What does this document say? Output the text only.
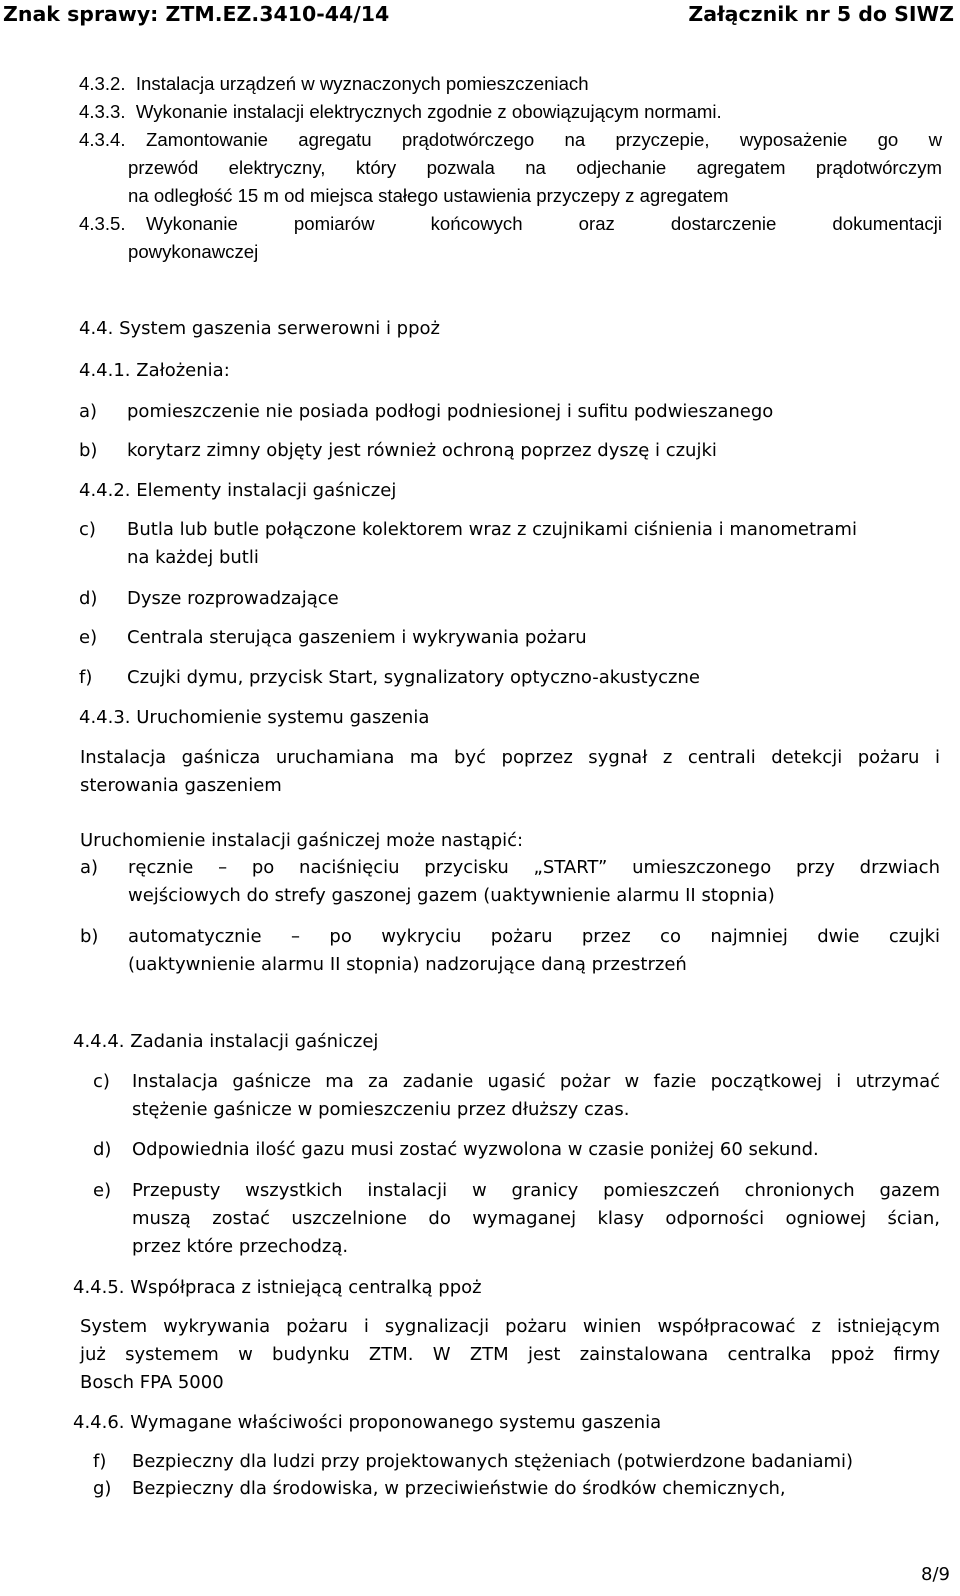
Znak sprawy: ZTM.EZ.3410-44/14	Załącznik nr 5 do SIWZ
4.3.2. Instalacja urządzeń w wyznaczonych pomieszczeniach
4.3.3. Wykonanie instalacji elektrycznych zgodnie z obowiązującym normami.
4.3.4. Zamontowanie agregatu prądotwórczego na przyczepie, wyposażenie go w
przewód elektryczny, który pozwala na odjechanie agregatem prądotwórczym
na odległość 15 m od miejsca stałego ustawienia przyczepy z agregatem
4.3.5. Wykonanie pomiarów końcowych oraz dostarczenie dokumentacji
powykonawczej
4.4. System gaszenia serwerowni i ppoż
4.4.1. Założenia:
a) pomieszczenie nie posiada podłogi podniesionej i sufitu podwieszanego
b) korytarz zimny objęty jest również ochroną poprzez dyszę i czujki
4.4.2. Elementy instalacji gaśniczej
c) Butla lub butle połączone kolektorem wraz z czujnikami ciśnienia i manometrami
na każdej butli
d) Dysze rozprowadzające
e) Centrala sterująca gaszeniem i wykrywania pożaru
f) Czujki dymu, przycisk Start, sygnalizatory optyczno-akustyczne
4.4.3. Uruchomienie systemu gaszenia
Instalacja gaśnicza uruchamiana ma być poprzez sygnał z centrali detekcji pożaru i
sterowania gaszeniem
Uruchomienie instalacji gaśniczej może nastąpić:
a) ręcznie – po naciśnięciu przycisku „START” umieszczonego przy drzwiach
wejściowych do strefy gaszonej gazem (uaktywnienie alarmu II stopnia)
b) automatycznie – po wykryciu pożaru przez co najmniej dwie czujki
(uaktywnienie alarmu II stopnia) nadzorujące daną przestrzeń
4.4.4. Zadania instalacji gaśniczej
c) Instalacja gaśnicze ma za zadanie ugasić pożar w fazie początkowej i utrzymać
stężenie gaśnicze w pomieszczeniu przez dłuższy czas.
d) Odpowiednia ilość gazu musi zostać wyzwolona w czasie poniżej 60 sekund.
e) Przepusty wszystkich instalacji w granicy pomieszczeń chronionych gazem
muszą zostać uszczelnione do wymaganej klasy odporności ogniowej ścian,
przez które przechodzą.
4.4.5. Współpraca z istniejącą centralką ppoż
System wykrywania pożaru i sygnalizacji pożaru winien współpracować z istniejącym
już systemem w budynku ZTM. W ZTM jest zainstalowana centralka ppoż firmy
Bosch FPA 5000
4.4.6. Wymagane właściwości proponowanego systemu gaszenia
f) Bezpieczny dla ludzi przy projektowanych stężeniach (potwierdzone badaniami)
g) Bezpieczny dla środowiska, w przeciwieństwie do środków chemicznych,
8/9
